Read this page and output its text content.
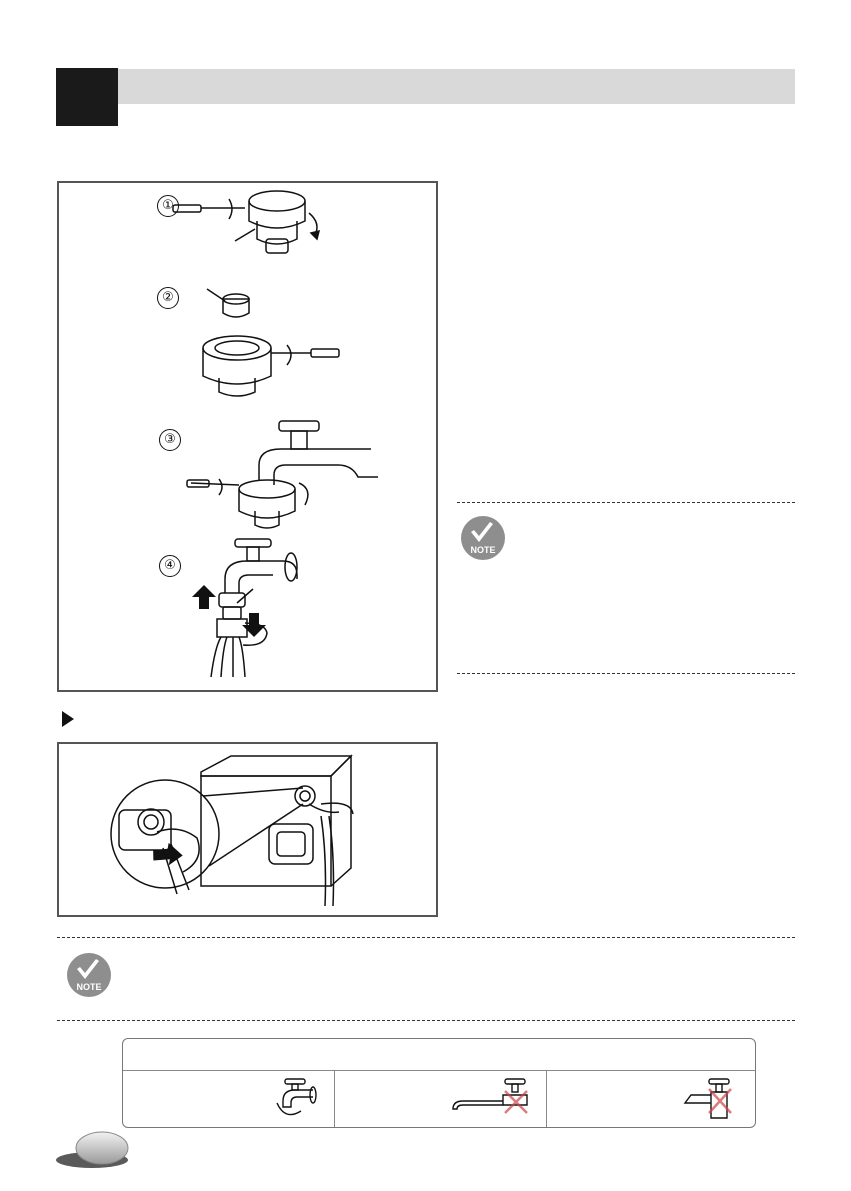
①
②
③
④
NOTE
NOTE
